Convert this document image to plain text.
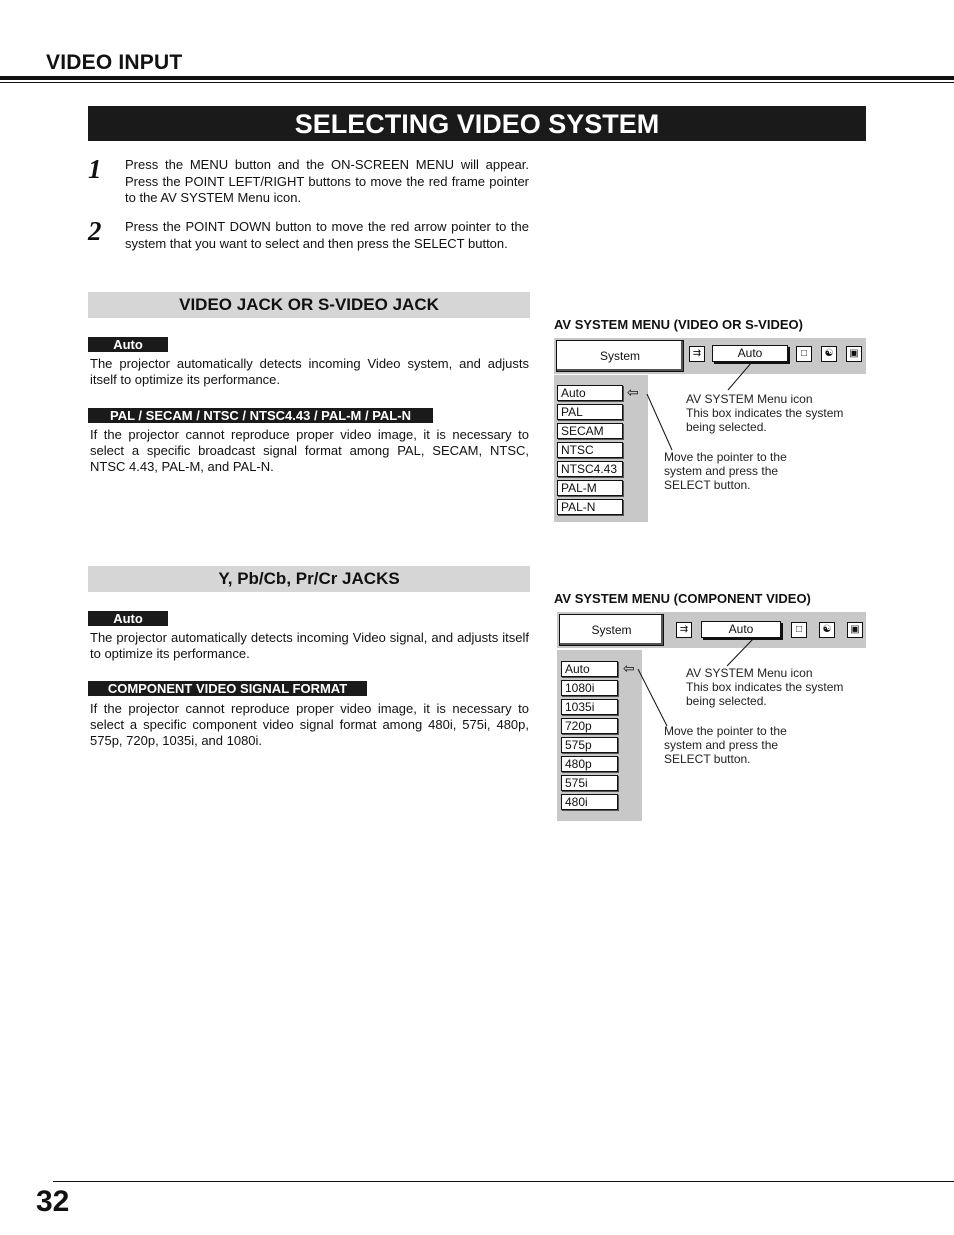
VIDEO INPUT
SELECTING VIDEO SYSTEM
1 Press the MENU button and the ON-SCREEN MENU will appear. Press the POINT LEFT/RIGHT buttons to move the red frame pointer to the AV SYSTEM Menu icon.
2 Press the POINT DOWN button to move the red arrow pointer to the system that you want to select and then press the SELECT button.
VIDEO JACK OR S-VIDEO JACK
Auto
The projector automatically detects incoming Video system, and adjusts itself to optimize its performance.
PAL / SECAM / NTSC / NTSC4.43 / PAL-M / PAL-N
If the projector cannot reproduce proper video image, it is necessary to select a specific broadcast signal format among PAL, SECAM, NTSC, NTSC 4.43, PAL-M, and PAL-N.
AV SYSTEM MENU (VIDEO OR S-VIDEO)
System	⇉	Auto	□	☯	▣
Auto
PAL
SECAM
NTSC
NTSC4.43
PAL-M
PAL-N
⇦	AV SYSTEM Menu icon
This box indicates the system
being selected.
Move the pointer to the
system and press the
SELECT button.
Y, Pb/Cb, Pr/Cr JACKS
Auto
The projector automatically detects incoming Video signal, and adjusts itself to optimize its performance.
COMPONENT VIDEO SIGNAL FORMAT
If the projector cannot reproduce proper video image, it is necessary to select a specific component video signal format among 480i, 575i, 480p, 575p, 720p, 1035i, and 1080i.
AV SYSTEM MENU (COMPONENT VIDEO)
System	⇉	Auto	□	☯	▣
Auto
1080i
1035i
720p
575p
480p
575i
480i
⇦	AV SYSTEM Menu icon
This box indicates the system
being selected.
Move the pointer to the
system and press the
SELECT button.
32
